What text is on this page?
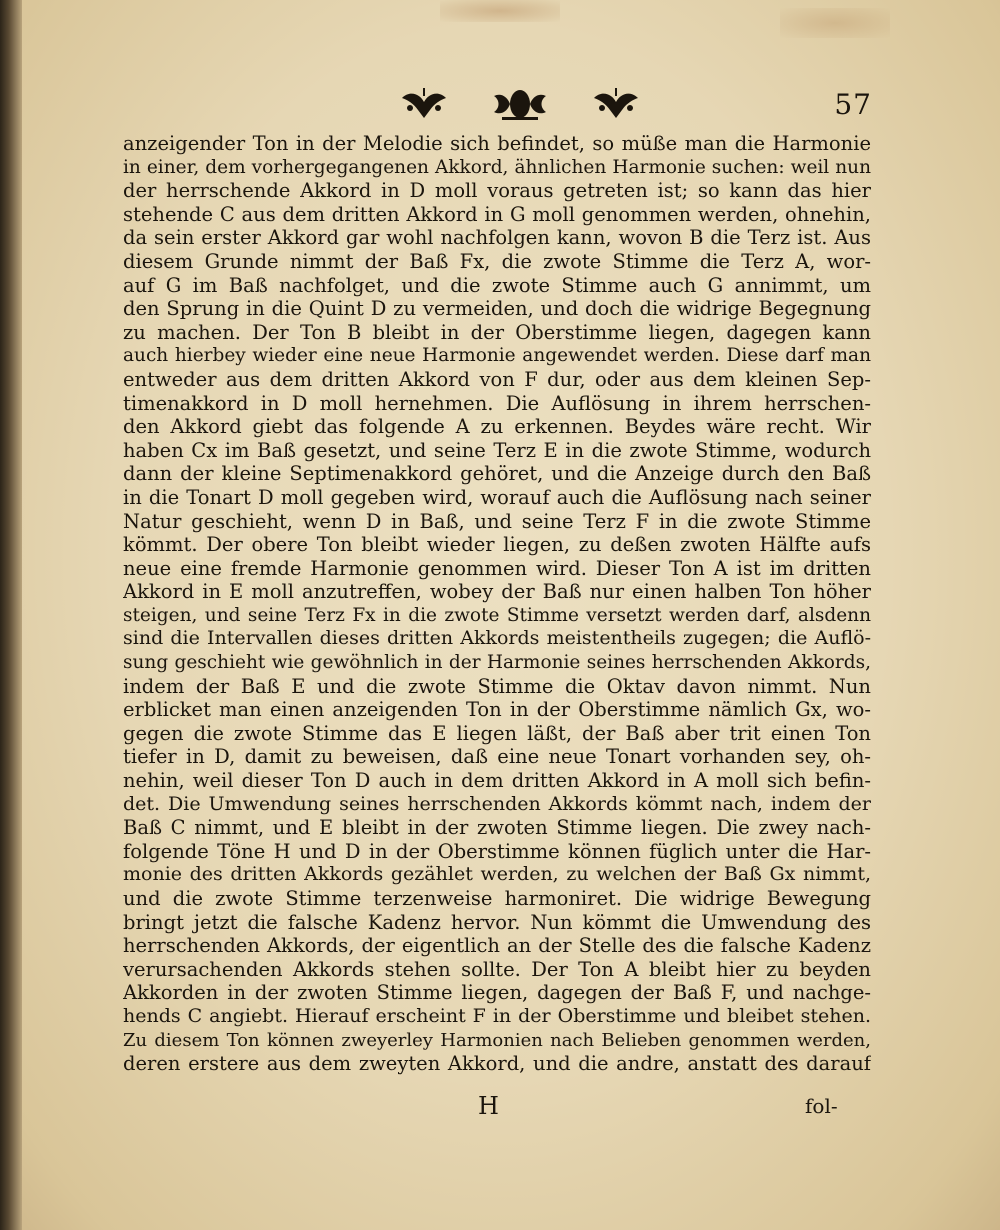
57
anzeigender Ton in der Melodie sich befindet, so müße man die Harmonie
in einer, dem vorhergegangenen Akkord, ähnlichen Harmonie suchen: weil nun
der herrschende Akkord in D moll voraus getreten ist; so kann das hier
stehende C aus dem dritten Akkord in G moll genommen werden, ohnehin,
da sein erster Akkord gar wohl nachfolgen kann, wovon B die Terz ist. Aus
diesem Grunde nimmt der Baß Fx, die zwote Stimme die Terz A, wor-
auf G im Baß nachfolget, und die zwote Stimme auch G annimmt, um
den Sprung in die Quint D zu vermeiden, und doch die widrige Begegnung
zu machen. Der Ton B bleibt in der Oberstimme liegen, dagegen kann
auch hierbey wieder eine neue Harmonie angewendet werden. Diese darf man
entweder aus dem dritten Akkord von F dur, oder aus dem kleinen Sep-
timenakkord in D moll hernehmen. Die Auflösung in ihrem herrschen-
den Akkord giebt das folgende A zu erkennen. Beydes wäre recht. Wir
haben Cx im Baß gesetzt, und seine Terz E in die zwote Stimme, wodurch
dann der kleine Septimenakkord gehöret, und die Anzeige durch den Baß
in die Tonart D moll gegeben wird, worauf auch die Auflösung nach seiner
Natur geschieht, wenn D in Baß, und seine Terz F in die zwote Stimme
kömmt. Der obere Ton bleibt wieder liegen, zu deßen zwoten Hälfte aufs
neue eine fremde Harmonie genommen wird. Dieser Ton A ist im dritten
Akkord in E moll anzutreffen, wobey der Baß nur einen halben Ton höher
steigen, und seine Terz Fx in die zwote Stimme versetzt werden darf, alsdenn
sind die Intervallen dieses dritten Akkords meistentheils zugegen; die Auflö-
sung geschieht wie gewöhnlich in der Harmonie seines herrschenden Akkords,
indem der Baß E und die zwote Stimme die Oktav davon nimmt. Nun
erblicket man einen anzeigenden Ton in der Oberstimme nämlich Gx, wo-
gegen die zwote Stimme das E liegen läßt, der Baß aber trit einen Ton
tiefer in D, damit zu beweisen, daß eine neue Tonart vorhanden sey, oh-
nehin, weil dieser Ton D auch in dem dritten Akkord in A moll sich befin-
det. Die Umwendung seines herrschenden Akkords kömmt nach, indem der
Baß C nimmt, und E bleibt in der zwoten Stimme liegen. Die zwey nach-
folgende Töne H und D in der Oberstimme können füglich unter die Har-
monie des dritten Akkords gezählet werden, zu welchen der Baß Gx nimmt,
und die zwote Stimme terzenweise harmoniret. Die widrige Bewegung
bringt jetzt die falsche Kadenz hervor. Nun kömmt die Umwendung des
herrschenden Akkords, der eigentlich an der Stelle des die falsche Kadenz
verursachenden Akkords stehen sollte. Der Ton A bleibt hier zu beyden
Akkorden in der zwoten Stimme liegen, dagegen der Baß F, und nachge-
hends C angiebt. Hierauf erscheint F in der Oberstimme und bleibet stehen.
Zu diesem Ton können zweyerley Harmonien nach Belieben genommen werden,
deren erstere aus dem zweyten Akkord, und die andre, anstatt des darauf
H	fol-
